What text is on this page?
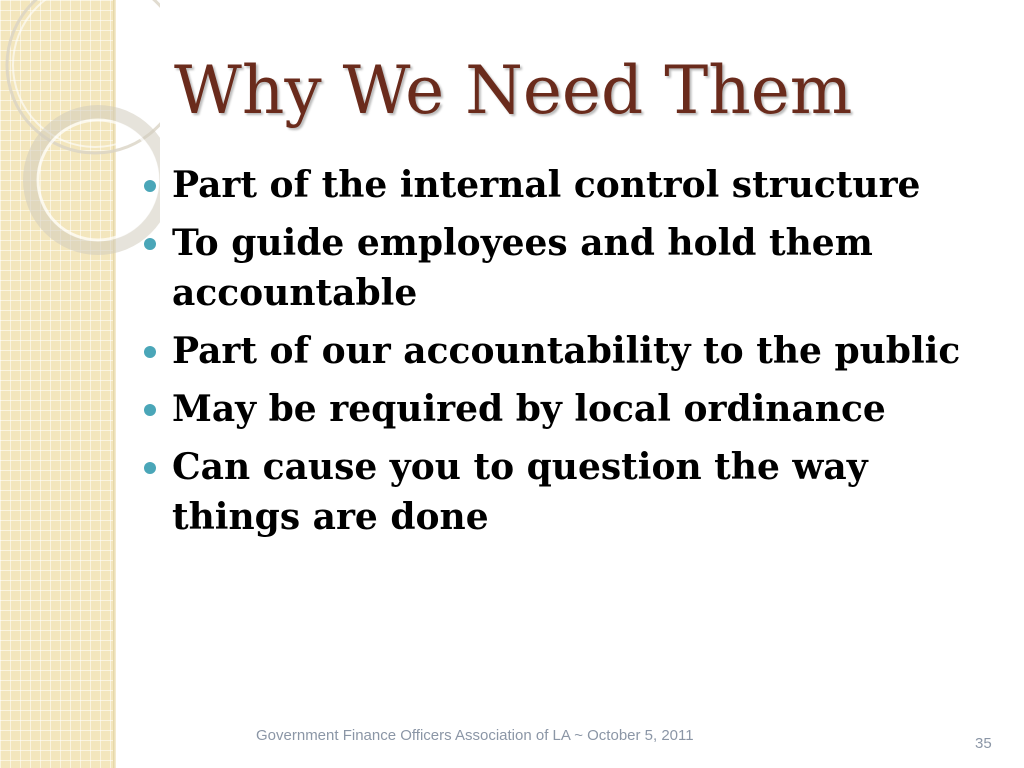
Why We Need Them
Part of the internal control structure
To guide employees and hold them accountable
Part of our accountability to the public
May be required by local ordinance
Can cause you to question the way things are done
Government Finance Officers Association of LA ~ October 5, 2011	35
